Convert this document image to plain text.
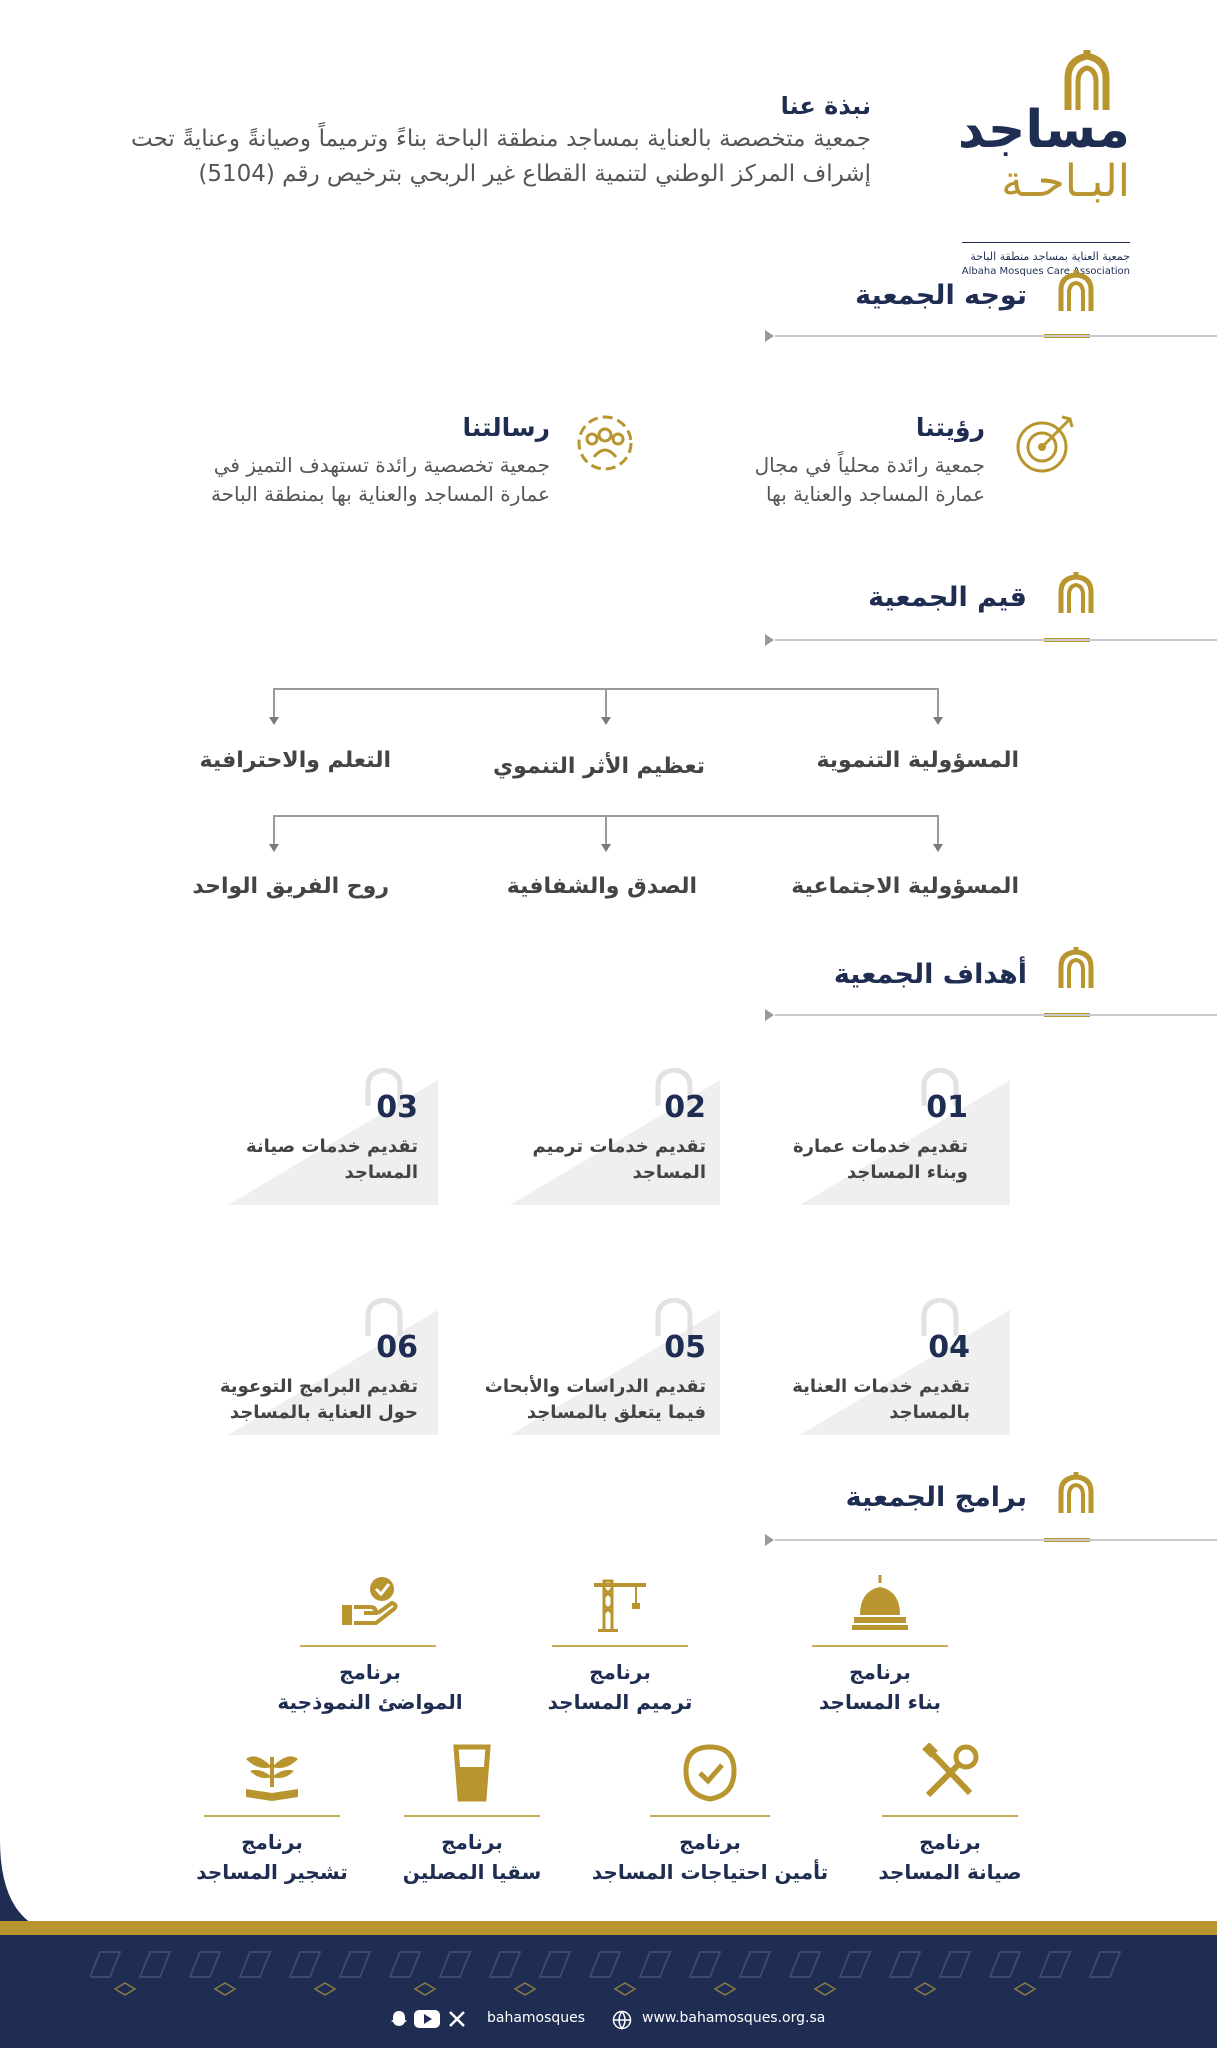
مساجد
البـاحـة
جمعية العناية بمساجد منطقة الباحة
Albaha Mosques Care Association
نبذة عنا
جمعية متخصصة بالعناية بمساجد منطقة الباحة بناءً وترميماً وصيانةً وعنايةً تحت إشراف المركز الوطني لتنمية القطاع غير الربحي بترخيص رقم (5104)
توجه الجمعية
رؤيتنا
جمعية رائدة محلياً في مجال
عمارة المساجد والعناية بها
رسالتنا
جمعية تخصصية رائدة تستهدف التميز في
عمارة المساجد والعناية بها بمنطقة الباحة
قيم الجمعية
المسؤولية التنموية
تعظيم الأثر التنموي
التعلم والاحترافية
المسؤولية الاجتماعية
الصدق والشفافية
روح الفريق الواحد
أهداف الجمعية
01
تقديم خدمات عمارة
وبناء المساجد
02
تقديم خدمات ترميم
المساجد
03
تقديم خدمات صيانة
المساجد
04
تقديم خدمات العناية
بالمساجد
05
تقديم الدراسات والأبحاث
فيما يتعلق بالمساجد
06
تقديم البرامج التوعوية
حول العناية بالمساجد
برامج الجمعية
برنامج
بناء المساجد
برنامج
ترميم المساجد
برنامج
المواضئ النموذجية
برنامج
صيانة المساجد
برنامج
تأمين احتياجات المساجد
برنامج
سقيا المصلين
برنامج
تشجير المساجد
bahamosques	www.bahamosques.org.sa
